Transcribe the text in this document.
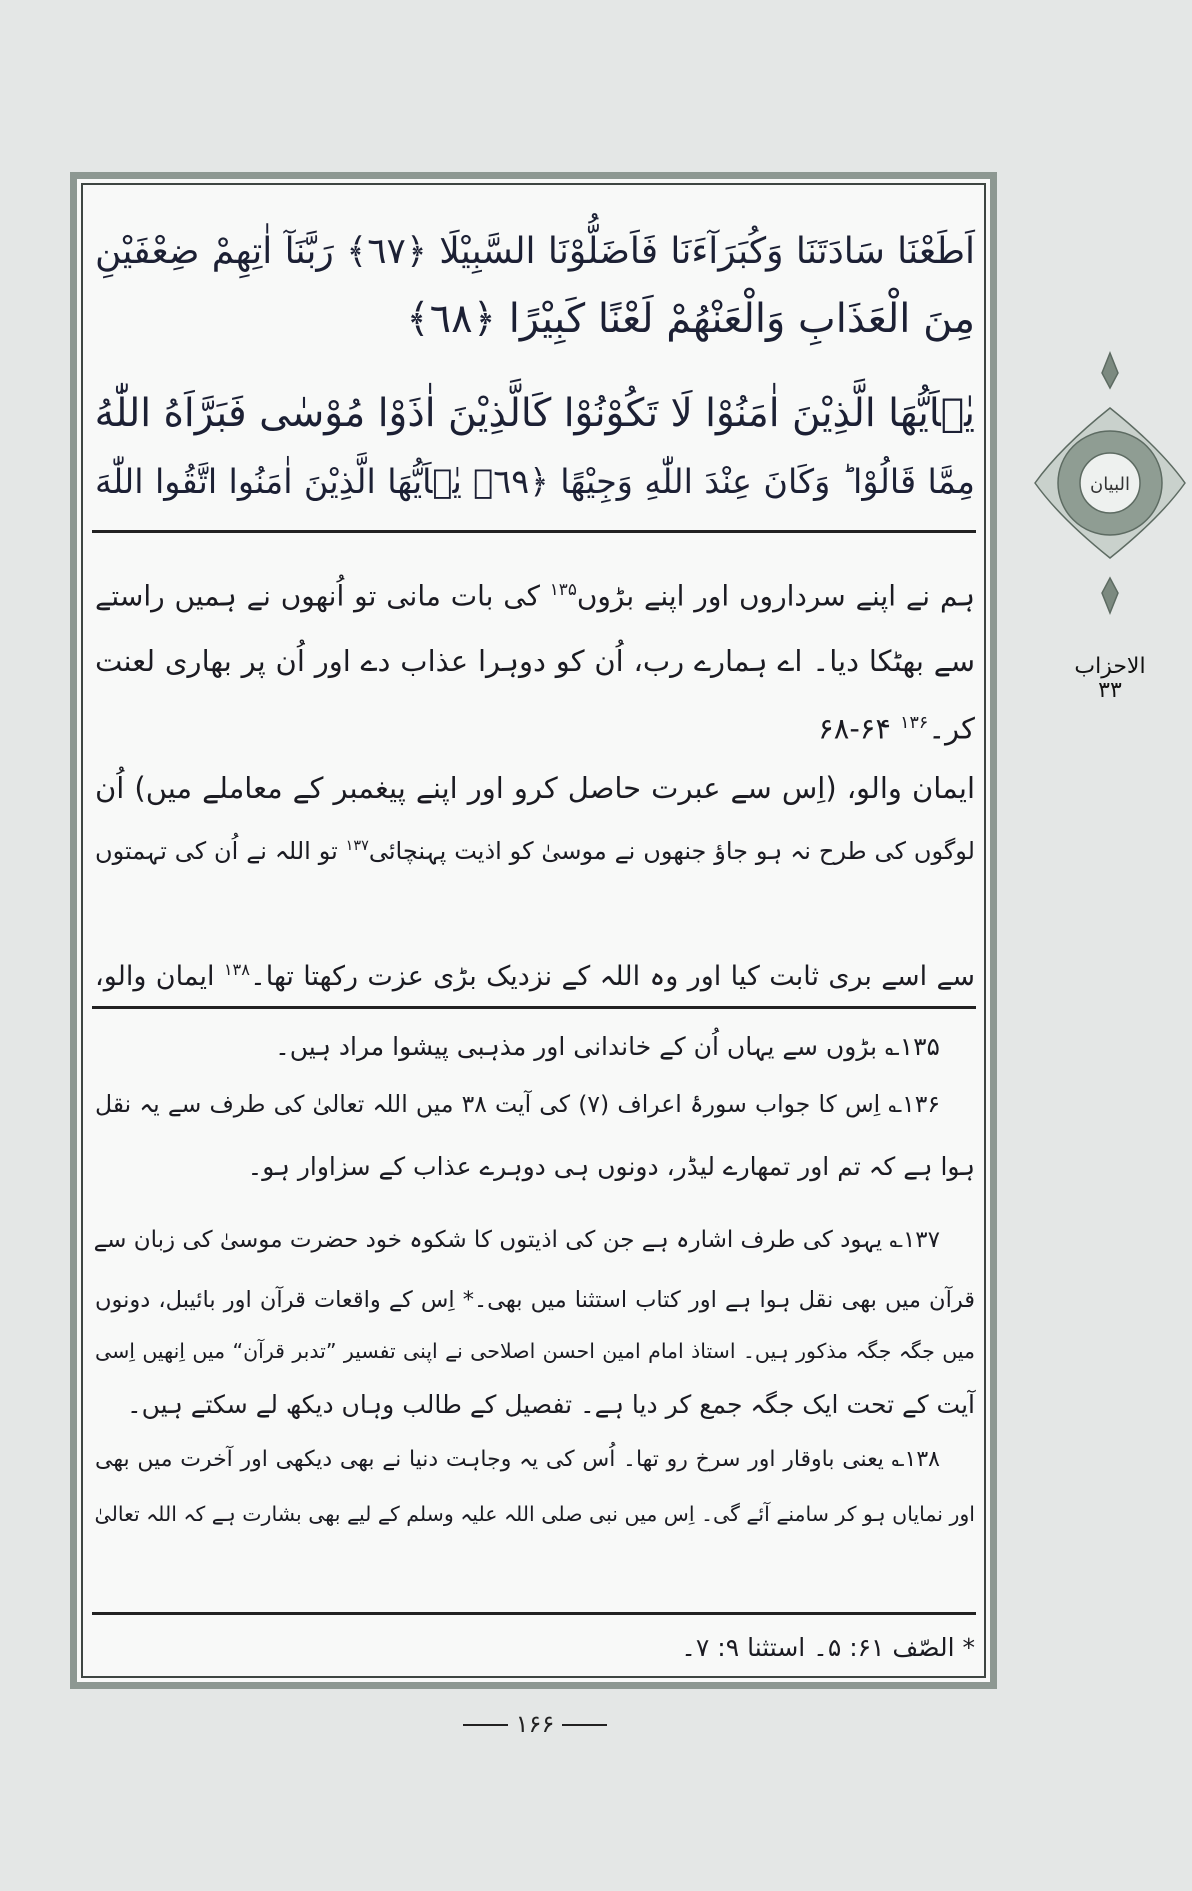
اَطَعْنَا سَادَتَنَا وَكُبَرَآءَنَا فَاَضَلُّوْنَا السَّبِيْلَا ﴿٦٧﴾ رَبَّنَآ اٰتِهِمْ ضِعْفَيْنِ
مِنَ الْعَذَابِ وَالْعَنْهُمْ لَعْنًا كَبِيْرًا ﴿٦٨﴾
يٰۤاَيُّهَا الَّذِيْنَ اٰمَنُوْا لَا تَكُوْنُوْا كَالَّذِيْنَ اٰذَوْا مُوْسٰى فَبَرَّاَهُ اللّٰهُ
مِمَّا قَالُوْا ؕ وَكَانَ عِنْدَ اللّٰهِ وَجِيْهًا ﴿٦٩﴾ يٰۤاَيُّهَا الَّذِيْنَ اٰمَنُوا اتَّقُوا اللّٰهَ
ہم نے اپنے سرداروں اور اپنے بڑوں$^{۱۳۵}$ کی بات مانی تو اُنھوں نے ہمیں راستے
سے بھٹکا دیا۔ اے ہمارے رب، اُن کو دوہرا عذاب دے اور اُن پر بھاری لعنت
کر۔$^{۱۳۶}$ ۶۴-۶۸
ایمان والو، (اِس سے عبرت حاصل کرو اور اپنے پیغمبر کے معاملے میں) اُن
لوگوں کی طرح نہ ہو جاؤ جنھوں نے موسیٰ کو اذیت پہنچائی$^{۱۳۷}$ تو اللہ نے اُن کی تہمتوں
سے اسے بری ثابت کیا اور وہ اللہ کے نزدیک بڑی عزت رکھتا تھا۔$^{۱۳۸}$ ایمان والو،
۱۳۵؎ بڑوں سے یہاں اُن کے خاندانی اور مذہبی پیشوا مراد ہیں۔
۱۳۶؎ اِس کا جواب سورۂ اعراف (۷) کی آیت ۳۸ میں اللہ تعالیٰ کی طرف سے یہ نقل
ہوا ہے کہ تم اور تمھارے لیڈر، دونوں ہی دوہرے عذاب کے سزاوار ہو۔
۱۳۷؎ یہود کی طرف اشارہ ہے جن کی اذیتوں کا شکوہ خود حضرت موسیٰ کی زبان سے
قرآن میں بھی نقل ہوا ہے اور کتاب استثنا میں بھی۔* اِس کے واقعات قرآن اور بائیبل، دونوں
میں جگہ جگہ مذکور ہیں۔ استاذ امام امین احسن اصلاحی نے اپنی تفسیر ”تدبر قرآن“ میں اِنھیں اِسی
آیت کے تحت ایک جگہ جمع کر دیا ہے۔ تفصیل کے طالب وہاں دیکھ لے سکتے ہیں۔
۱۳۸؎ یعنی باوقار اور سرخ رو تھا۔ اُس کی یہ وجاہت دنیا نے بھی دیکھی اور آخرت میں بھی
اور نمایاں ہو کر سامنے آئے گی۔ اِس میں نبی صلی اللہ علیہ وسلم کے لیے بھی بشارت ہے کہ اللہ تعالیٰ
* الصّف ۶۱: ۵۔ استثنا ۹: ۷۔
۱۶۶
البیان
الاحزاب
۳۳
